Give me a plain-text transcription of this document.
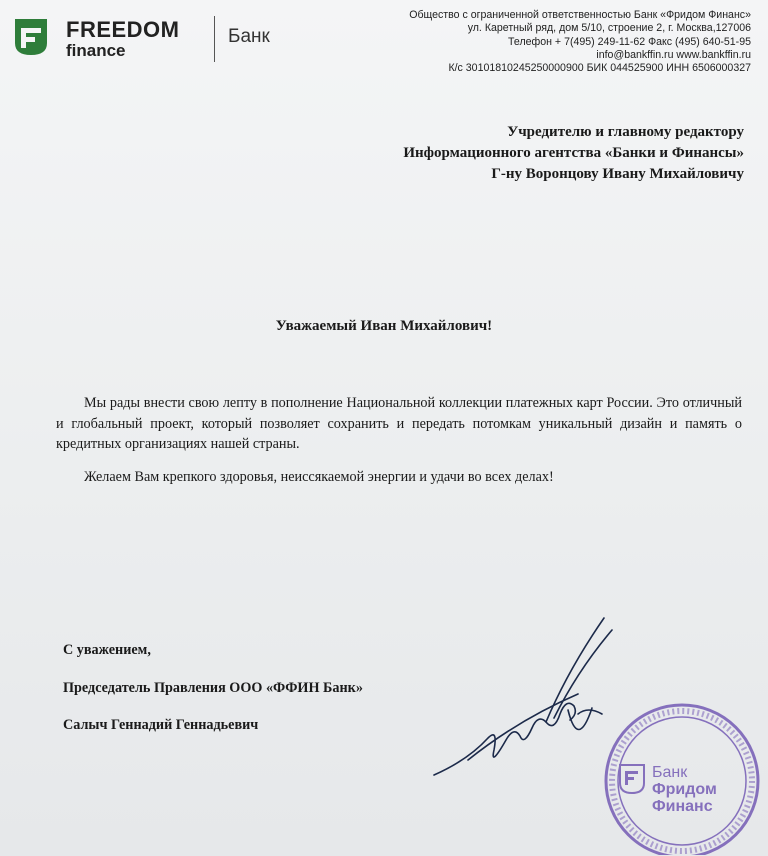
FREEDOM
finance
Банк
Общество с ограниченной ответственностью Банк «Фридом Финанс»
ул. Каретный ряд, дом 5/10, строение 2, г. Москва,127006
Телефон + 7(495) 249-11-62 Факс (495) 640-51-95
info@bankffin.ru www.bankffin.ru
К/с 30101810245250000900 БИК 044525900 ИНН 6506000327
Учредителю и главному редактору
Информационного агентства «Банки и Финансы»
Г-ну Воронцову Ивану Михайловичу
Уважаемый Иван Михайлович!

Мы рады внести свою лепту в пополнение Национальной коллекции платежных карт России. Это отличный и глобальный проект, который позволяет сохранить и передать потомкам уникальный дизайн и память о кредитных организациях нашей страны.

Желаем Вам крепкого здоровья, неиссякаемой энергии и удачи во всех делах!

С уважением,
Председатель Правления ООО «ФФИН Банк»
Салыч Геннадий Геннадьевич
Банк
Фридом
Финанс
